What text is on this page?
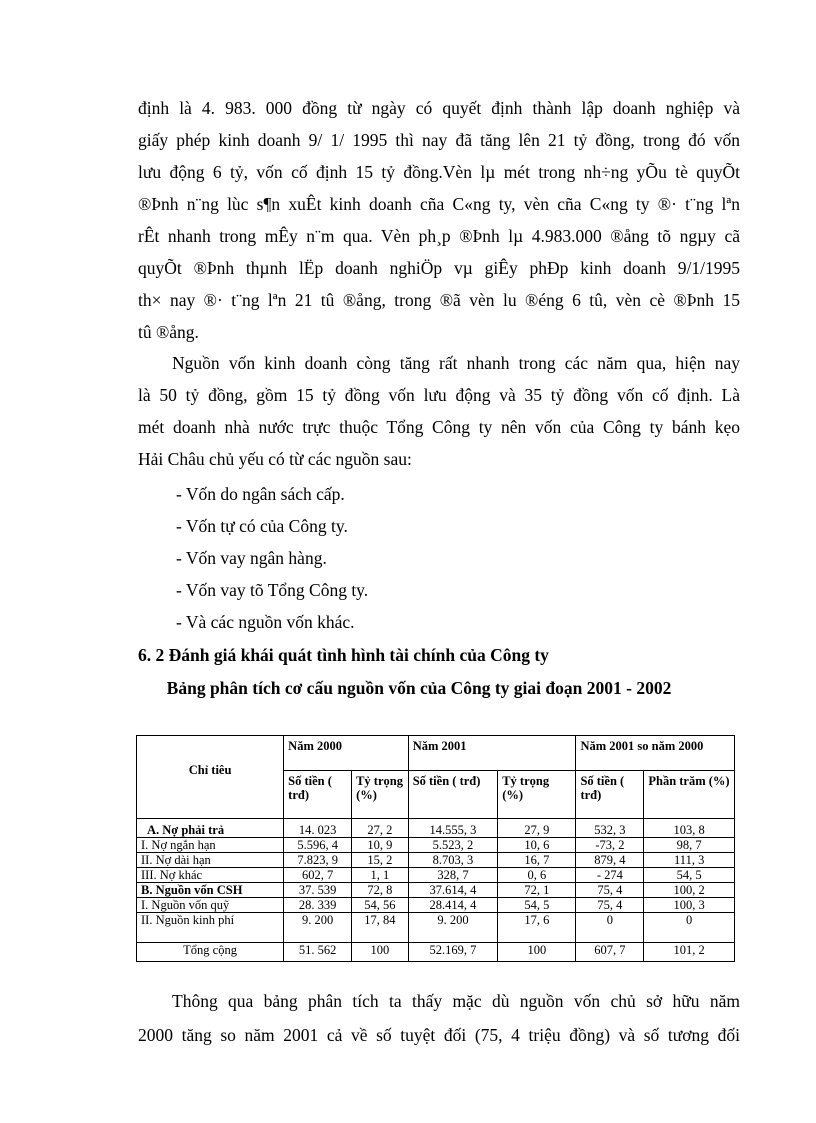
định là 4. 983. 000 đồng từ ngày có quyết định thành lập doanh nghiệp và
giấy phép kinh doanh 9/ 1/ 1995 thì nay đã tăng lên 21 tỷ đồng, trong đó vốn
lưu động 6 tỷ, vốn cố định 15 tỷ đồng.Vèn lµ mét trong nh÷ng yÕu tè quyÕt
®Þnh n¨ng lùc s¶n xuÊt kinh doanh cña C«ng ty, vèn cña C«ng ty ®· t¨ng lªn
rÊt nhanh trong mÊy n¨m qua. Vèn ph¸p ®Þnh lµ 4.983.000 ®ång tõ ngµy cã
quyÕt ®Þnh thµnh lËp doanh nghiÖp vµ giÊy phÐp kinh doanh 9/1/1995
th× nay ®· t¨ng lªn 21 tû ®ång, trong ®ã vèn lu ®éng 6 tû, vèn cè ®Þnh 15
tû ®ång.
Nguồn vốn kinh doanh còng tăng rất nhanh trong các năm qua, hiện nay
là 50 tỷ đồng, gồm 15 tỷ đồng vốn lưu động và 35 tỷ đồng vốn cố định. Là
mét doanh nhà nước trực thuộc Tổng Công ty nên vốn của Công ty bánh kẹo
Hải Châu chủ yếu có từ các nguồn sau:
- Vốn do ngân sách cấp.
- Vốn tự có của Công ty.
- Vốn vay ngân hàng.
- Vốn vay tõ Tổng Công ty.
- Và các nguồn vốn khác.
6. 2 Đánh giá khái quát tình hình tài chính của Công ty
Bảng phân tích cơ cấu nguồn vốn của Công ty giai đoạn 2001 - 2002
Chỉ tiêu	Năm 2000		Năm 2001		Năm 2001 so năm 2000	
	Số tiền ( trđ)	Tỷ trọng (%)	Số tiền ( trđ)	Tỷ trọng (%)	Số tiền ( trđ)	Phần trăm (%)
A. Nợ phải trả	14. 023	27, 2	14.555, 3	27, 9	532, 3	103, 8
I. Nợ ngắn hạn	5.596, 4	10, 9	5.523, 2	10, 6	-73, 2	98, 7
II. Nợ dài hạn	7.823, 9	15, 2	8.703, 3	16, 7	879, 4	111, 3
III. Nợ khác	602, 7	1, 1	328, 7	0, 6	- 274	54, 5
B. Nguồn vốn CSH	37. 539	72, 8	37.614, 4	72, 1	75, 4	100, 2
I. Nguồn vốn quỹ	28. 339	54, 56	28.414, 4	54, 5	75, 4	100, 3
II. Nguồn kinh phí	9. 200	17, 84	9. 200	17, 6	0	0
Tổng cộng	51. 562	100	52.169, 7	100	607, 7	101, 2
Thông qua bảng phân tích ta thấy mặc dù nguồn vốn chủ sở hữu năm
2000 tăng so năm 2001 cả về số tuyệt đối (75, 4 triệu đồng) và số tương đối
